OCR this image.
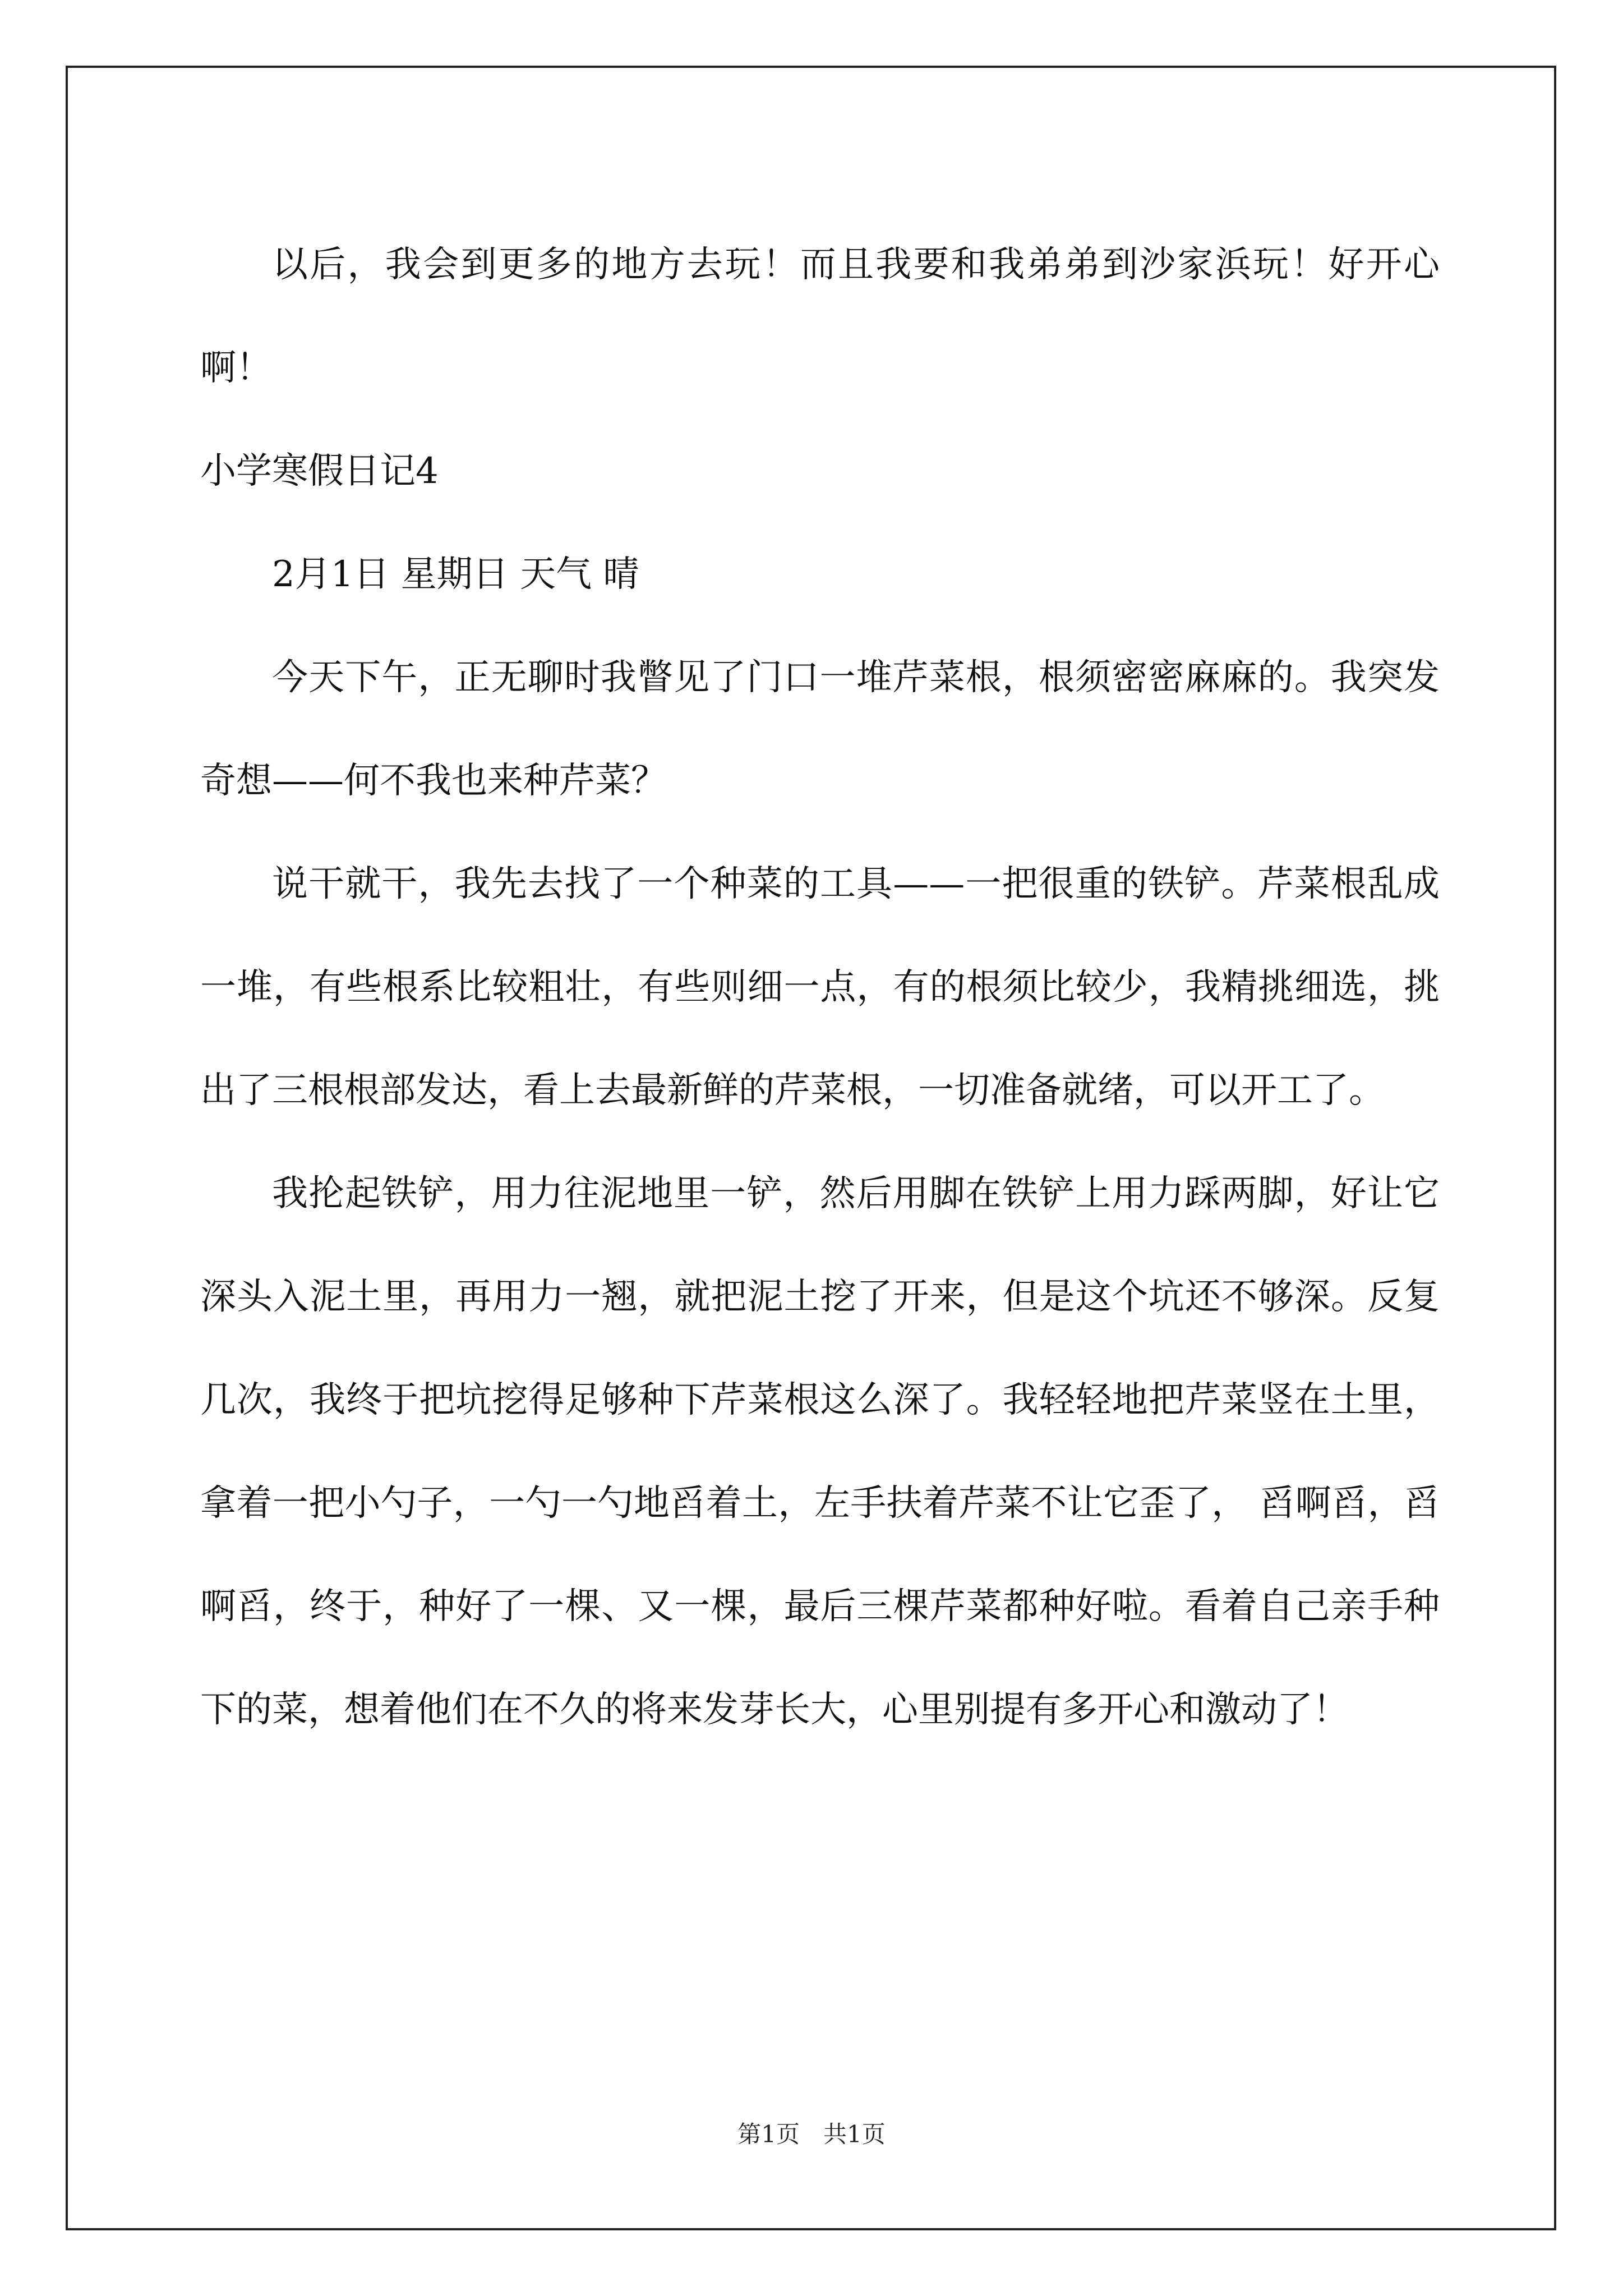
以后，我会到更多的地方去玩！而且我要和我弟弟到沙家浜玩！好开心啊！

小学寒假日记4

2月1日 星期日 天气 晴

今天下午，正无聊时我瞥见了门口一堆芹菜根，根须密密麻麻的。我突发奇想——何不我也来种芹菜？

说干就干，我先去找了一个种菜的工具——一把很重的铁铲。芹菜根乱成一堆，有些根系比较粗壮，有些则细一点，有的根须比较少，我精挑细选，挑出了三根根部发达，看上去最新鲜的芹菜根，一切准备就绪，可以开工了。

我抡起铁铲，用力往泥地里一铲，然后用脚在铁铲上用力踩两脚，好让它深头入泥土里，再用力一翘，就把泥土挖了开来，但是这个坑还不够深。反复几次，我终于把坑挖得足够种下芹菜根这么深了。我轻轻地把芹菜竖在土里，拿着一把小勺子，一勺一勺地舀着土，左手扶着芹菜不让它歪了， 舀啊舀，舀啊舀，终于，种好了一棵、又一棵，最后三棵芹菜都种好啦。看着自己亲手种下的菜，想着他们在不久的将来发芽长大，心里别提有多开心和激动了！

第1页　共1页
